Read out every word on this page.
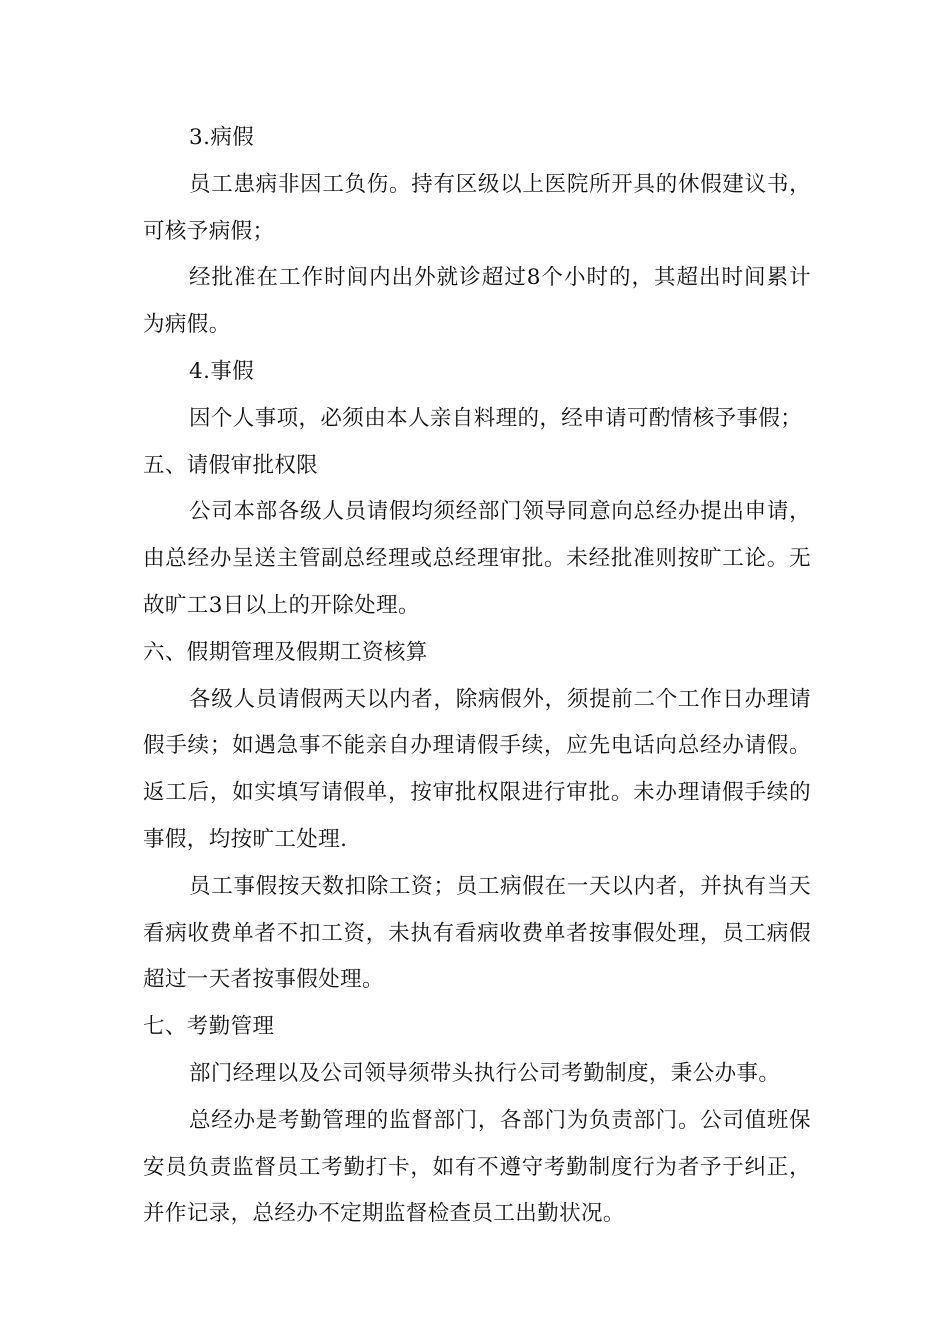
3.病假

员工患病非因工负伤。持有区级以上医院所开具的休假建议书，可核予病假；

经批准在工作时间内出外就诊超过8个小时的，其超出时间累计为病假。

4.事假

因个人事项，必须由本人亲自料理的，经申请可酌情核予事假；

五、请假审批权限

公司本部各级人员请假均须经部门领导同意向总经办提出申请，由总经办呈送主管副总经理或总经理审批。未经批准则按旷工论。无故旷工3日以上的开除处理。

六、假期管理及假期工资核算

各级人员请假两天以内者，除病假外，须提前二个工作日办理请假手续；如遇急事不能亲自办理请假手续，应先电话向总经办请假。返工后，如实填写请假单，按审批权限进行审批。未办理请假手续的事假，均按旷工处理.

员工事假按天数扣除工资；员工病假在一天以内者，并执有当天看病收费单者不扣工资，未执有看病收费单者按事假处理，员工病假超过一天者按事假处理。

七、考勤管理

部门经理以及公司领导须带头执行公司考勤制度，秉公办事。

总经办是考勤管理的监督部门，各部门为负责部门。公司值班保安员负责监督员工考勤打卡，如有不遵守考勤制度行为者予于纠正，并作记录，总经办不定期监督检查员工出勤状况。
